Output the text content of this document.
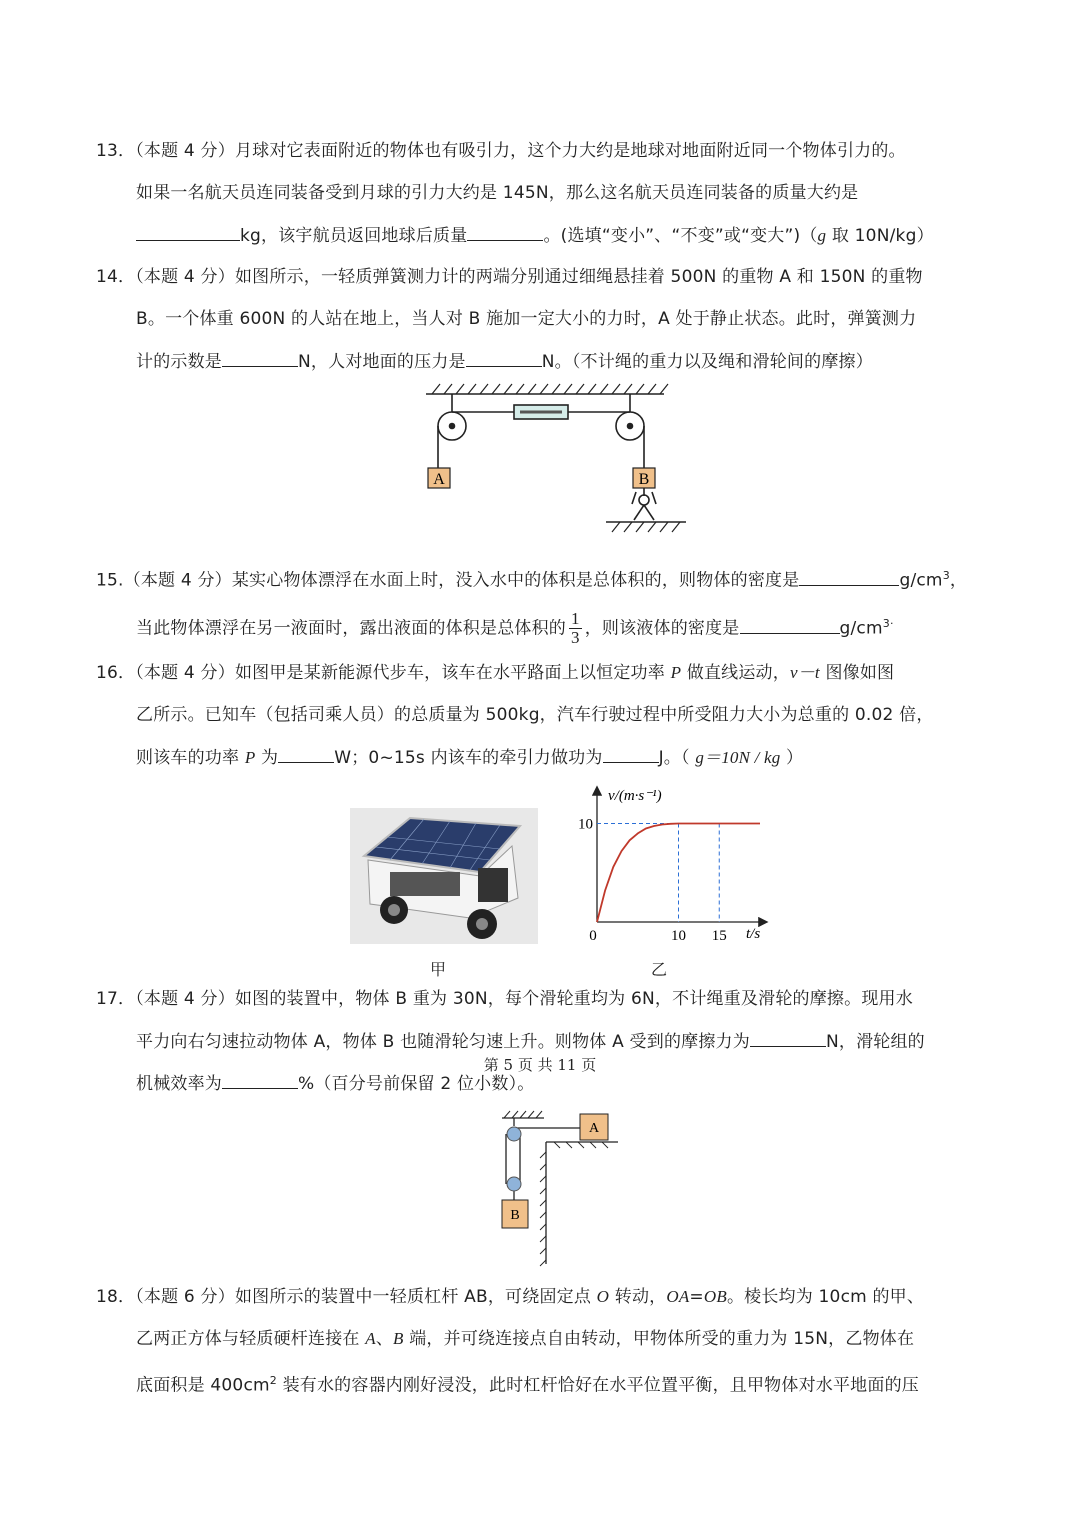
13．（本题 4 分）月球对它表面附近的物体也有吸引力，这个力大约是地球对地面附近同一个物体引力的。
如果一名航天员连同装备受到月球的引力大约是 145N，那么这名航天员连同装备的质量大约是
kg，该宇航员返回地球后质量	。(选填“变小”、“不变”或“变大”)（g 取 10N/kg）
14．（本题 4 分）如图所示，一轻质弹簧测力计的两端分别通过细绳悬挂着 500N 的重物 A 和 150N 的重物
B。一个体重 600N 的人站在地上，当人对 B 施加一定大小的力时，A 处于静止状态。此时，弹簧测力
计的示数是	N，人对地面的压力是	N。（不计绳的重力以及绳和滑轮间的摩擦）
A	B
15.（本题 4 分）某实心物体漂浮在水面上时，没入水中的体积是总体积的，则物体的密度是	$g/cm^3$，
当此物体漂浮在另一液面时，露出液面的体积是总体积的 $\frac{1}{3}$ ，则该液体的密度是	$g/cm^{3\cdot}$
16．（本题 4 分）如图甲是某新能源代步车，该车在水平路面上以恒定功率 P 做直线运动，v－t 图像如图
乙所示。已知车（包括司乘人员）的总质量为 500kg，汽车行驶过程中所受阻力大小为总重的 0.02 倍，
则该车的功率 P 为	W；0~15s 内该车的牵引力做功为	J。（ g＝10N / kg ）
v/(m·s⁻¹)
t/s
0	10 15
10
甲	乙
17．（本题 4 分）如图的装置中，物体 B 重为 30N，每个滑轮重均为 6N，不计绳重及滑轮的摩擦。现用水
平力向右匀速拉动物体 A，物体 B 也随滑轮匀速上升。则物体 A 受到的摩擦力为	N，滑轮组的
机械效率为	%（百分号前保留 2 位小数）。
A
B
18．（本题 6 分）如图所示的装置中一轻质杠杆 AB，可绕固定点 O 转动，OA=OB。棱长均为 10cm 的甲、
乙两正方体与轻质硬杆连接在 A、B 端，并可绕连接点自由转动，甲物体所受的重力为 15N，乙物体在
底面积是 $400cm^2$ 装有水的容器内刚好浸没，此时杠杆恰好在水平位置平衡，且甲物体对水平地面的压
第 5 页 共 11 页
